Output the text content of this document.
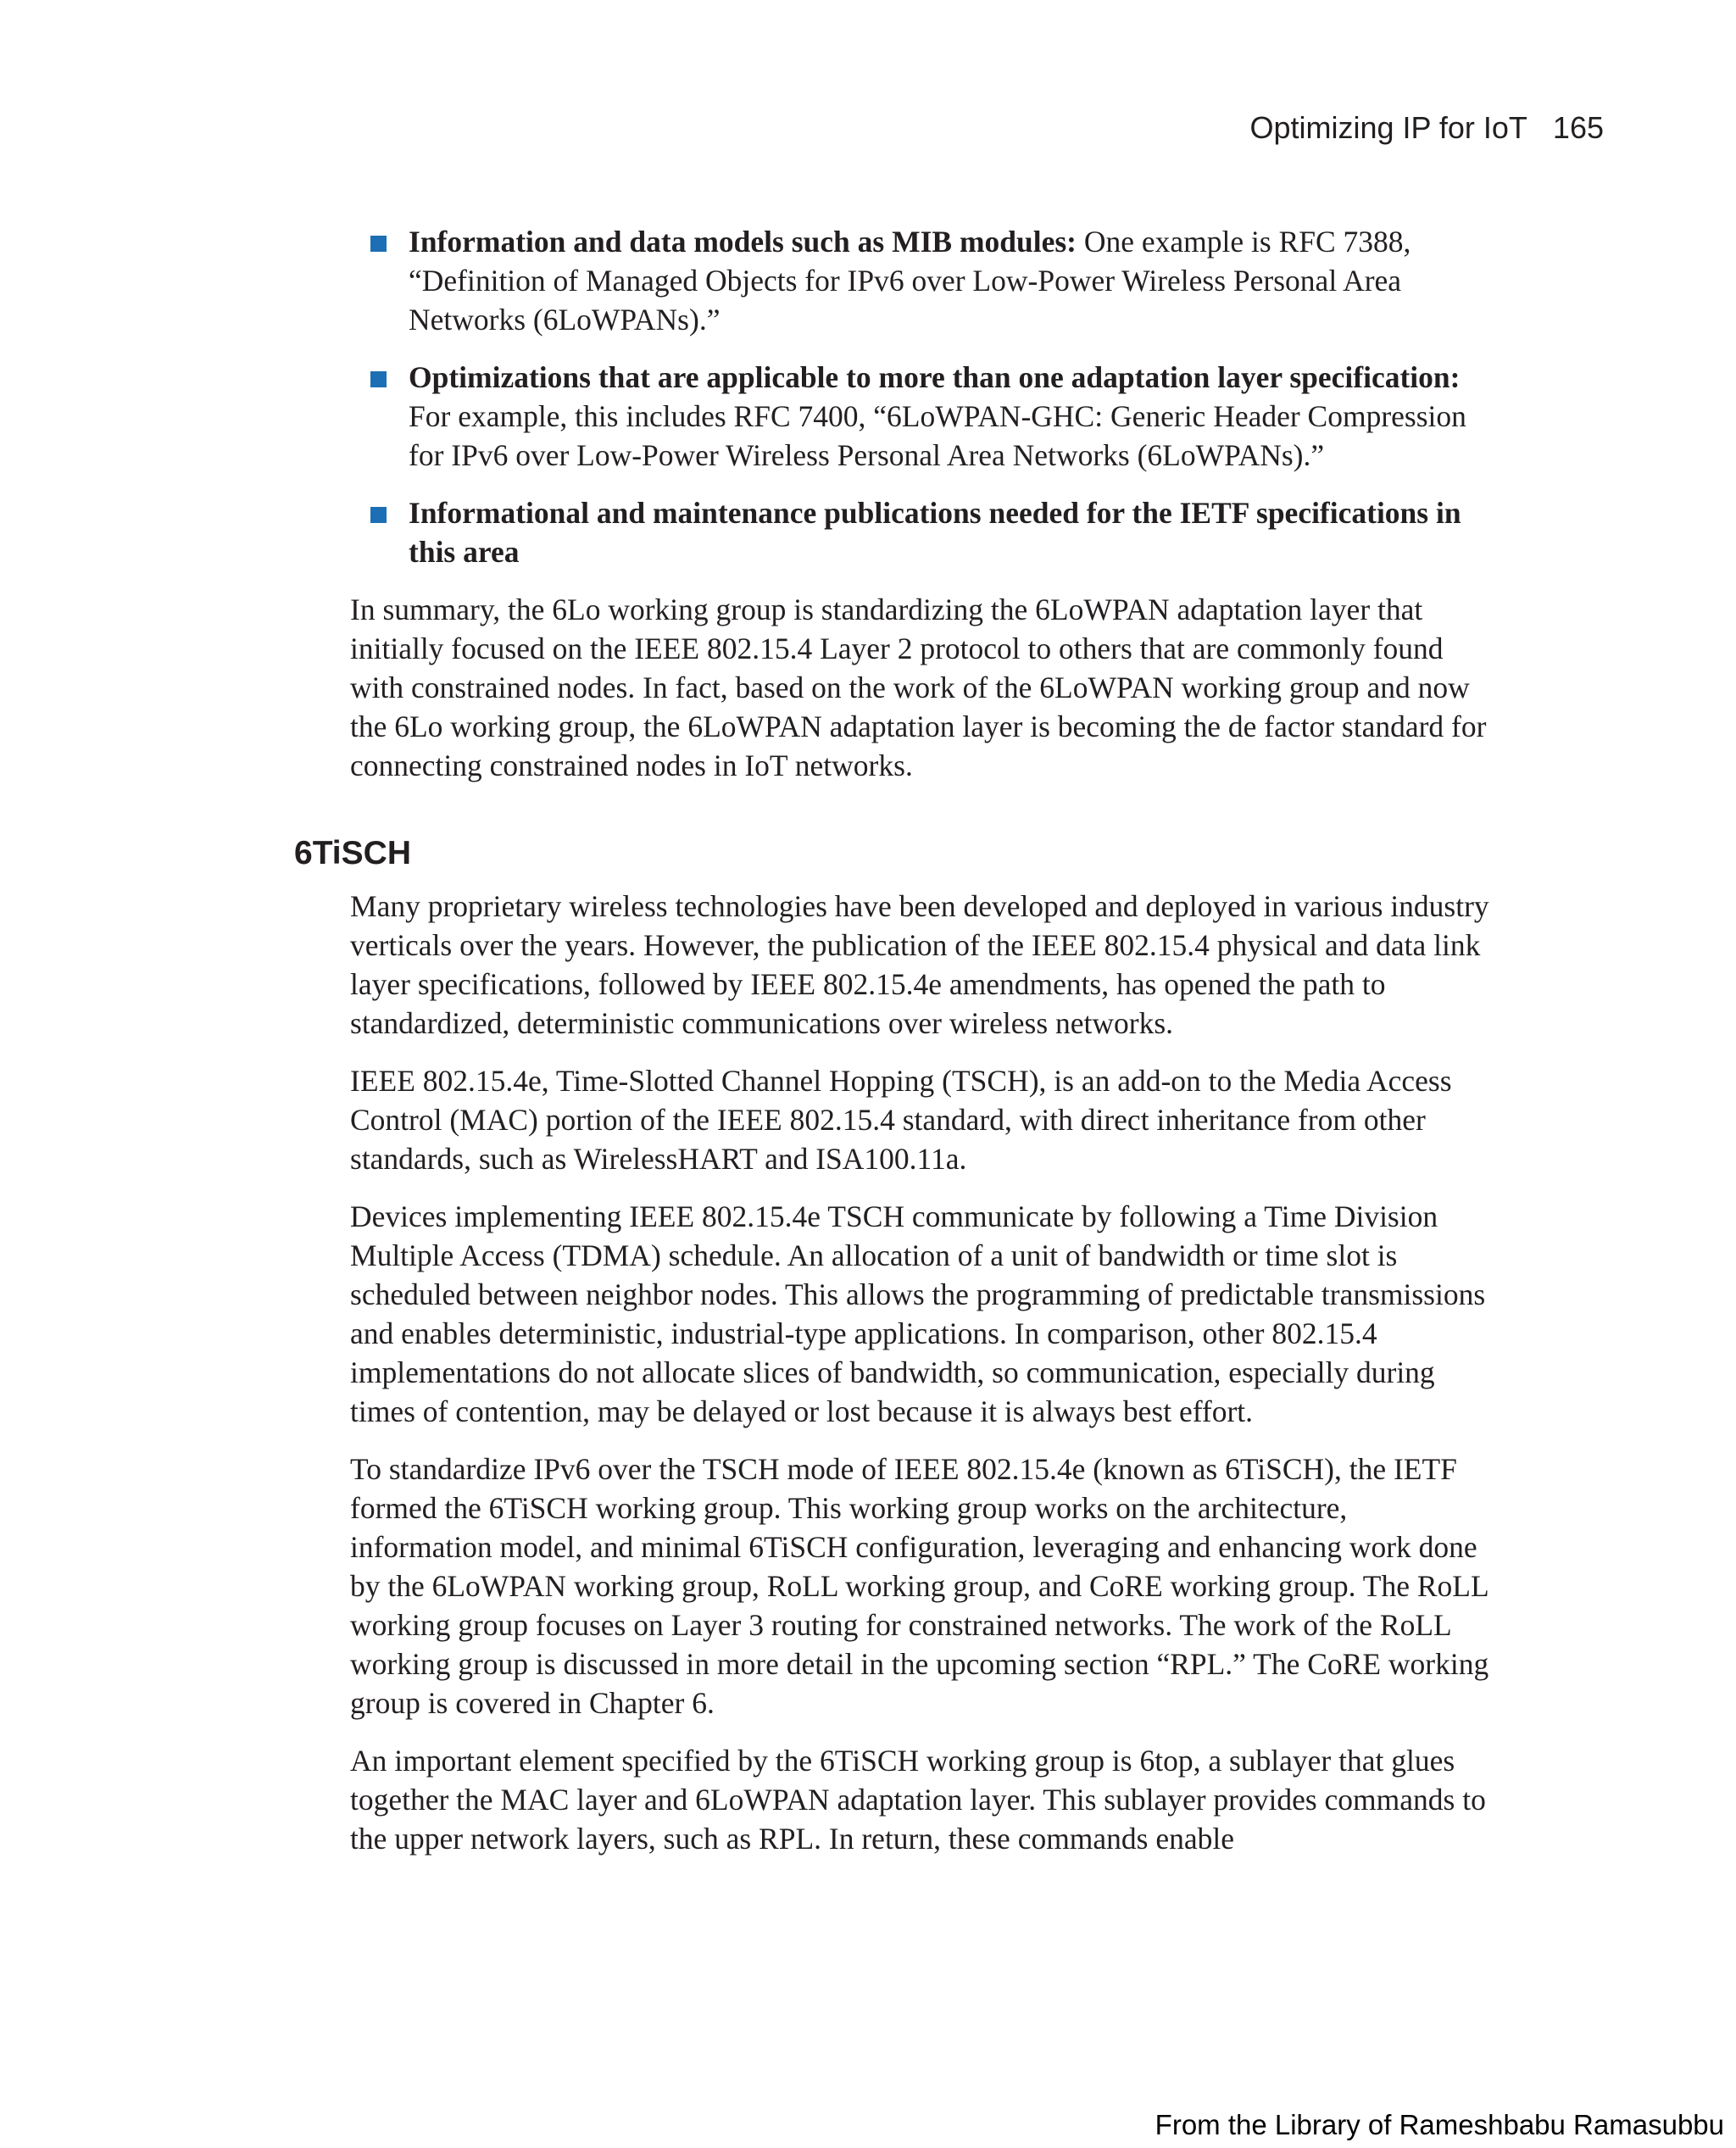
Optimizing IP for IoT 165
Information and data models such as MIB modules: One example is RFC 7388, “Definition of Managed Objects for IPv6 over Low-Power Wireless Personal Area Networks (6LoWPANs).”
Optimizations that are applicable to more than one adaptation layer specification: For example, this includes RFC 7400, “6LoWPAN-GHC: Generic Header Compression for IPv6 over Low-Power Wireless Personal Area Networks (6LoWPANs).”
Informational and maintenance publications needed for the IETF specifications in this area

In summary, the 6Lo working group is standardizing the 6LoWPAN adaptation layer that initially focused on the IEEE 802.15.4 Layer 2 protocol to others that are commonly found with constrained nodes. In fact, based on the work of the 6LoWPAN working group and now the 6Lo working group, the 6LoWPAN adaptation layer is becoming the de factor standard for connecting constrained nodes in IoT networks.

6TiSCH

Many proprietary wireless technologies have been developed and deployed in various industry verticals over the years. However, the publication of the IEEE 802.15.4 physical and data link layer specifications, followed by IEEE 802.15.4e amendments, has opened the path to standardized, deterministic communications over wireless networks.

IEEE 802.15.4e, Time-Slotted Channel Hopping (TSCH), is an add-on to the Media Access Control (MAC) portion of the IEEE 802.15.4 standard, with direct inheritance from other standards, such as WirelessHART and ISA100.11a.

Devices implementing IEEE 802.15.4e TSCH communicate by following a Time Division Multiple Access (TDMA) schedule. An allocation of a unit of bandwidth or time slot is scheduled between neighbor nodes. This allows the programming of predictable transmissions and enables deterministic, industrial-type applications. In comparison, other 802.15.4 implementations do not allocate slices of bandwidth, so communication, especially during times of contention, may be delayed or lost because it is always best effort.

To standardize IPv6 over the TSCH mode of IEEE 802.15.4e (known as 6TiSCH), the IETF formed the 6TiSCH working group. This working group works on the architecture, information model, and minimal 6TiSCH configuration, leveraging and enhancing work done by the 6LoWPAN working group, RoLL working group, and CoRE working group. The RoLL working group focuses on Layer 3 routing for constrained networks. The work of the RoLL working group is discussed in more detail in the upcoming section “RPL.” The CoRE working group is covered in Chapter 6.

An important element specified by the 6TiSCH working group is 6top, a sublayer that glues together the MAC layer and 6LoWPAN adaptation layer. This sublayer provides commands to the upper network layers, such as RPL. In return, these commands enable

From the Library of Rameshbabu Ramasubbu
